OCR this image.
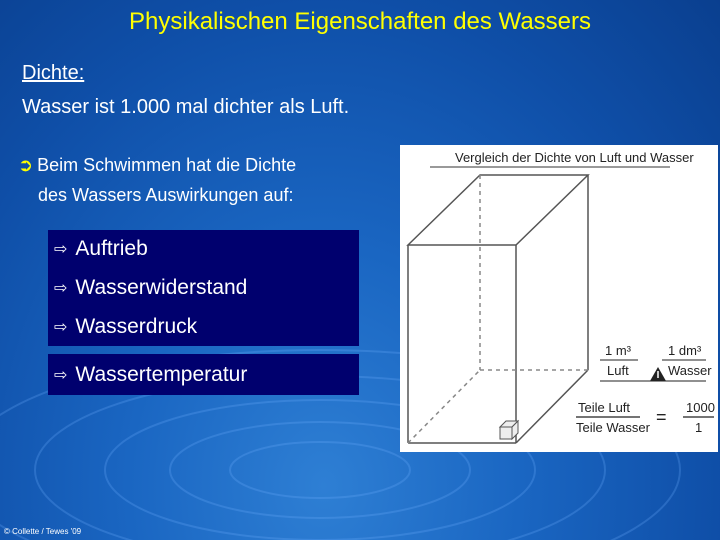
Physikalischen Eigenschaften des Wassers
Dichte:
Wasser ist 1.000 mal dichter als Luft.
➲ Beim Schwimmen hat die Dichte
des Wassers Auswirkungen auf:
⇨ Auftrieb
⇨ Wasserwiderstand
⇨ Wasserdruck
⇨ Wassertemperatur
Vergleich der Dichte von Luft und Wasser
1 m³
Luft
1 dm³
Wasser
Teile Luft
Teile Wasser
= 1000
1
© Collette / Tewes '09
